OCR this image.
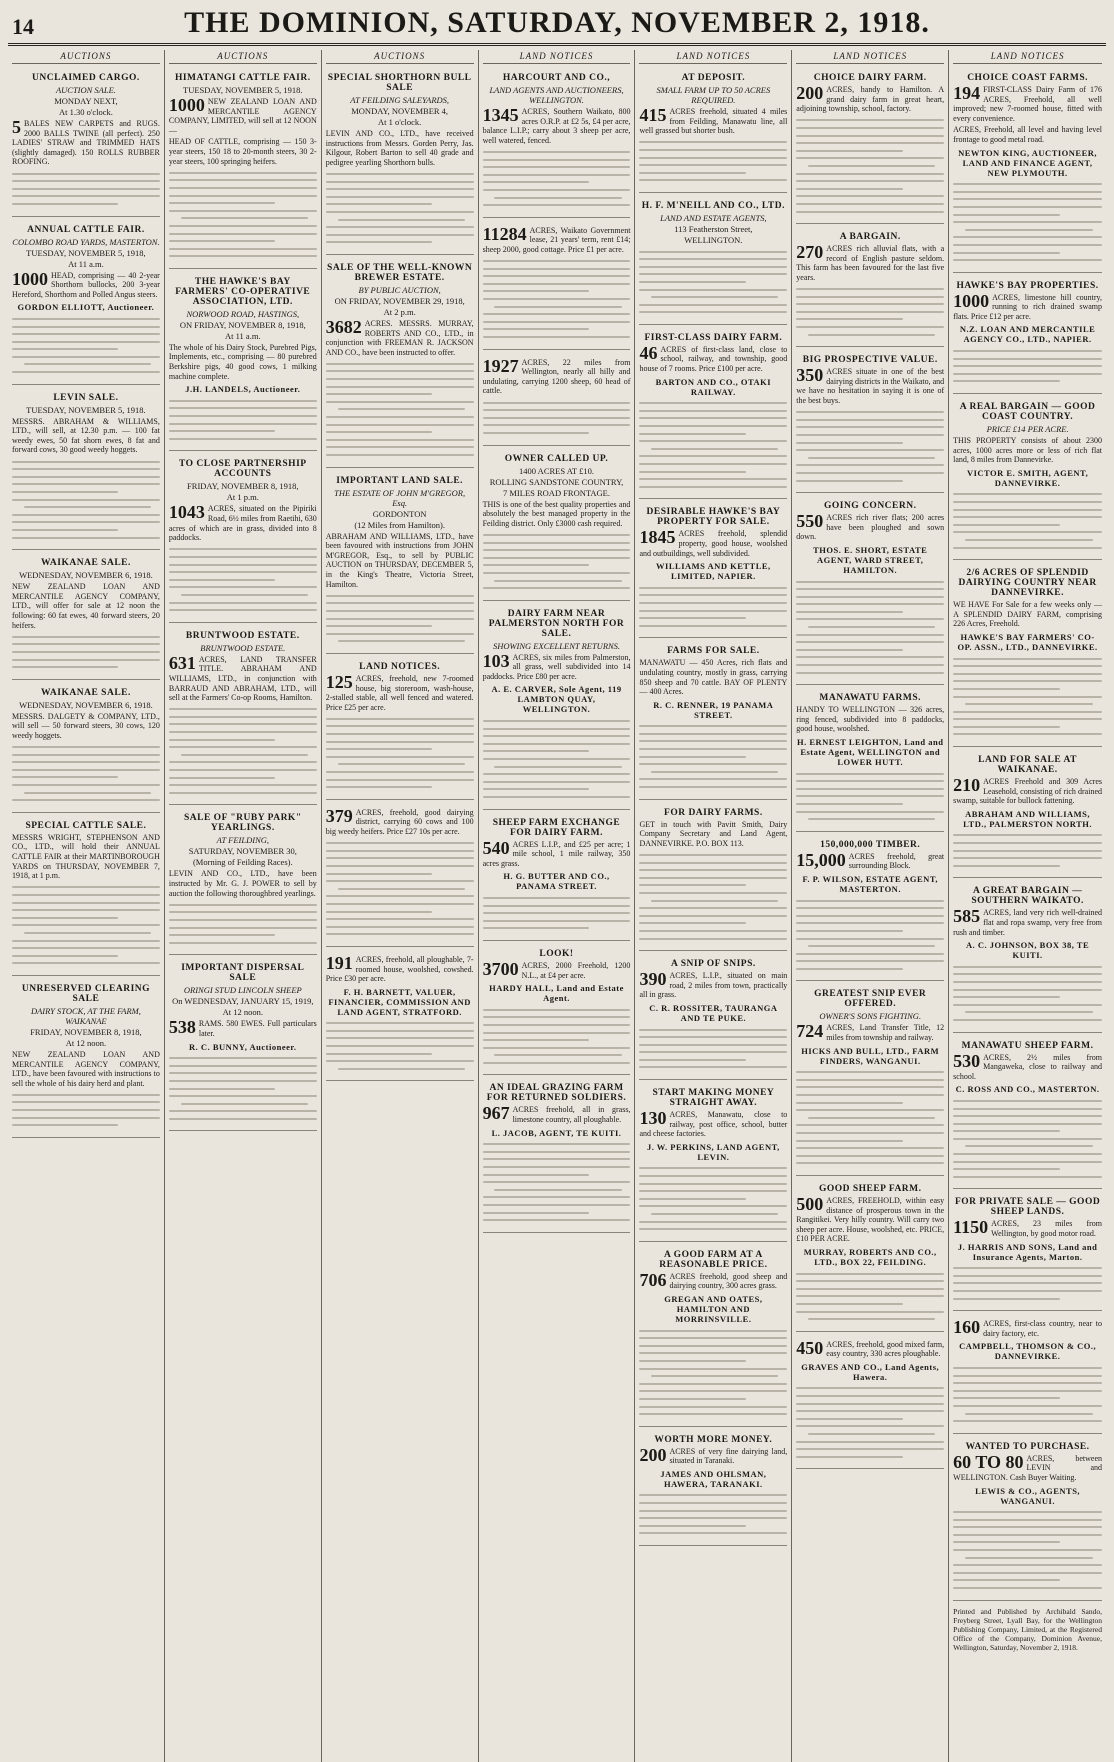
14	THE DOMINION, SATURDAY, NOVEMBER 2, 1918.
AUCTIONS
UNCLAIMED CARGO.
AUCTION SALE.
MONDAY NEXT,
At 1.30 o'clock.
5 BALES NEW CARPETS and RUGS. 2000 BALLS TWINE (all perfect). 250 LADIES' STRAW and TRIMMED HATS (slightly damaged). 150 ROLLS RUBBER ROOFING.
ANNUAL CATTLE FAIR.
COLOMBO ROAD YARDS, MASTERTON.
TUESDAY, NOVEMBER 5, 1918,
At 11 a.m.
1000 HEAD, comprising — 40 2-year Shorthorn bullocks, 200 3-year Hereford, Shorthorn and Polled Angus steers.
GORDON ELLIOTT, Auctioneer.
LEVIN SALE.
TUESDAY, NOVEMBER 5, 1918.
MESSRS. ABRAHAM & WILLIAMS, LTD., will sell, at 12.30 p.m. — 100 fat weedy ewes, 50 fat shorn ewes, 8 fat and forward cows, 30 good weedy hoggets.
WAIKANAE SALE.
WEDNESDAY, NOVEMBER 6, 1918.
NEW ZEALAND LOAN AND MERCANTILE AGENCY COMPANY, LTD., will offer for sale at 12 noon the following: 60 fat ewes, 40 forward steers, 20 heifers.
WAIKANAE SALE.
WEDNESDAY, NOVEMBER 6, 1918.
MESSRS. DALGETY & COMPANY, LTD., will sell — 50 forward steers, 30 cows, 120 weedy hoggets.
SPECIAL CATTLE SALE.
MESSRS WRIGHT, STEPHENSON AND CO., LTD., will hold their ANNUAL CATTLE FAIR at their MARTINBOROUGH YARDS on THURSDAY, NOVEMBER 7, 1918, at 1 p.m.
UNRESERVED CLEARING SALE
DAIRY STOCK, AT THE FARM, WAIKANAE
FRIDAY, NOVEMBER 8, 1918,
At 12 noon.
NEW ZEALAND LOAN AND MERCANTILE AGENCY COMPANY, LTD., have been favoured with instructions to sell the whole of his dairy herd and plant.
AUCTIONS
HIMATANGI CATTLE FAIR.
TUESDAY, NOVEMBER 5, 1918.
1000 NEW ZEALAND LOAN AND MERCANTILE AGENCY COMPANY, LIMITED, will sell at 12 NOON —
HEAD OF CATTLE, comprising — 150 3-year steers, 150 18 to 20-month steers, 30 2-year steers, 100 springing heifers.
THE HAWKE'S BAY FARMERS' CO-OPERATIVE ASSOCIATION, LTD.
NORWOOD ROAD, HASTINGS,
ON FRIDAY, NOVEMBER 8, 1918,
At 11 a.m.
The whole of his Dairy Stock, Purebred Pigs, Implements, etc., comprising — 80 purebred Berkshire pigs, 40 good cows, 1 milking machine complete.
J.H. LANDELS, Auctioneer.
TO CLOSE PARTNERSHIP ACCOUNTS
FRIDAY, NOVEMBER 8, 1918,
At 1 p.m.
1043 ACRES, situated on the Pipiriki Road, 6½ miles from Raetihi, 630 acres of which are in grass, divided into 8 paddocks.
BRUNTWOOD ESTATE.
BRUNTWOOD ESTATE.
631 ACRES, LAND TRANSFER TITLE. ABRAHAM AND WILLIAMS, LTD., in conjunction with BARRAUD AND ABRAHAM, LTD., will sell at the Farmers' Co-op Rooms, Hamilton.
SALE OF "RUBY PARK" YEARLINGS.
AT FEILDING,
SATURDAY, NOVEMBER 30,
(Morning of Feilding Races).
LEVIN AND CO., LTD., have been instructed by Mr. G. J. POWER to sell by auction the following thoroughbred yearlings.
IMPORTANT DISPERSAL SALE
ORINGI STUD LINCOLN SHEEP
On WEDNESDAY, JANUARY 15, 1919,
At 12 noon.
538 RAMS. 580 EWES. Full particulars later.
R. C. BUNNY, Auctioneer.
AUCTIONS
SPECIAL SHORTHORN BULL SALE
AT FEILDING SALEYARDS,
MONDAY, NOVEMBER 4,
At 1 o'clock.
LEVIN AND CO., LTD., have received instructions from Messrs. Gorden Perry, Jas. Kilgour, Robert Barton to sell 40 grade and pedigree yearling Shorthorn bulls.
SALE OF THE WELL-KNOWN BREWER ESTATE.
BY PUBLIC AUCTION,
ON FRIDAY, NOVEMBER 29, 1918,
At 2 p.m.
3682 ACRES. MESSRS. MURRAY, ROBERTS AND CO., LTD., in conjunction with FREEMAN R. JACKSON AND CO., have been instructed to offer.
IMPORTANT LAND SALE.
THE ESTATE OF JOHN M'GREGOR, Esq.
GORDONTON
(12 Miles from Hamilton).
ABRAHAM AND WILLIAMS, LTD., have been favoured with instructions from JOHN M'GREGOR, Esq., to sell by PUBLIC AUCTION on THURSDAY, DECEMBER 5, in the King's Theatre, Victoria Street, Hamilton.
LAND NOTICES.
125 ACRES, freehold, new 7-roomed house, big storeroom, wash-house, 2-stalled stable, all well fenced and watered. Price £25 per acre.
379 ACRES, freehold, good dairying district, carrying 60 cows and 100 big weedy heifers. Price £27 10s per acre.
191 ACRES, freehold, all ploughable, 7-roomed house, woolshed, cowshed. Price £30 per acre.
F. H. BARNETT, VALUER, FINANCIER, COMMISSION AND LAND AGENT, STRATFORD.
LAND NOTICES
HARCOURT AND CO.,
LAND AGENTS AND AUCTIONEERS, WELLINGTON.
1345 ACRES, Southern Waikato, 800 acres O.R.P. at £2 5s, £4 per acre, balance L.I.P.; carry about 3 sheep per acre, well watered, fenced.
11284 ACRES, Waikato Government lease, 21 years' term, rent £14; sheep 2000, good cottage. Price £1 per acre.
1927 ACRES, 22 miles from Wellington, nearly all hilly and undulating, carrying 1200 sheep, 60 head of cattle.
OWNER CALLED UP.
1400 ACRES AT £10.
ROLLING SANDSTONE COUNTRY,
7 MILES ROAD FRONTAGE.
THIS is one of the best quality properties and absolutely the best managed property in the Feilding district. Only £3000 cash required.
DAIRY FARM NEAR PALMERSTON NORTH FOR SALE.
SHOWING EXCELLENT RETURNS.
103 ACRES, six miles from Palmerston, all grass, well subdivided into 14 paddocks. Price £80 per acre.
A. E. CARVER, Sole Agent, 119 LAMBTON QUAY, WELLINGTON.
SHEEP FARM EXCHANGE FOR DAIRY FARM.
540 ACRES L.I.P., and £25 per acre; 1 mile school, 1 mile railway, 350 acres grass.
H. G. BUTTER AND CO., PANAMA STREET.
LOOK!
3700 ACRES, 2000 Freehold, 1200 N.L., at £4 per acre.
HARDY HALL, Land and Estate Agent.
AN IDEAL GRAZING FARM FOR RETURNED SOLDIERS.
967 ACRES freehold, all in grass, limestone country, all ploughable.
L. JACOB, AGENT, TE KUITI.
LAND NOTICES
AT DEPOSIT.
SMALL FARM UP TO 50 ACRES REQUIRED.
415 ACRES freehold, situated 4 miles from Feilding, Manawatu line, all well grassed but shorter bush.
H. F. M'NEILL AND CO., LTD.
LAND AND ESTATE AGENTS,
113 Featherston Street,
WELLINGTON.
FIRST-CLASS DAIRY FARM.
46 ACRES of first-class land, close to school, railway, and township, good house of 7 rooms. Price £100 per acre.
BARTON AND CO., OTAKI RAILWAY.
DESIRABLE HAWKE'S BAY PROPERTY FOR SALE.
1845 ACRES freehold, splendid property, good house, woolshed and outbuildings, well subdivided.
WILLIAMS AND KETTLE, LIMITED, NAPIER.
FARMS FOR SALE.
MANAWATU — 450 Acres, rich flats and undulating country, mostly in grass, carrying 850 sheep and 70 cattle. BAY OF PLENTY — 400 Acres.
R. C. RENNER, 19 PANAMA STREET.
FOR DAIRY FARMS.
GET in touch with Pavitt Smith, Dairy Company Secretary and Land Agent, DANNEVIRKE. P.O. BOX 113.
A SNIP OF SNIPS.
390 ACRES, L.I.P., situated on main road, 2 miles from town, practically all in grass.
C. R. ROSSITER, TAURANGA AND TE PUKE.
START MAKING MONEY STRAIGHT AWAY.
130 ACRES, Manawatu, close to railway, post office, school, butter and cheese factories.
J. W. PERKINS, LAND AGENT, LEVIN.
A GOOD FARM AT A REASONABLE PRICE.
706 ACRES freehold, good sheep and dairying country, 300 acres grass.
GREGAN AND OATES, HAMILTON AND MORRINSVILLE.
WORTH MORE MONEY.
200 ACRES of very fine dairying land, situated in Taranaki.
JAMES AND OHLSMAN, HAWERA, TARANAKI.
LAND NOTICES
CHOICE DAIRY FARM.
200 ACRES, handy to Hamilton. A grand dairy farm in great heart, adjoining township, school, factory.
A BARGAIN.
270 ACRES rich alluvial flats, with a record of English pasture seldom. This farm has been favoured for the last five years.
BIG PROSPECTIVE VALUE.
350 ACRES situate in one of the best dairying districts in the Waikato, and we have no hesitation in saying it is one of the best buys.
GOING CONCERN.
550 ACRES rich river flats; 200 acres have been ploughed and sown down.
THOS. E. SHORT, ESTATE AGENT, WARD STREET, HAMILTON.
MANAWATU FARMS.
HANDY TO WELLINGTON — 326 acres, ring fenced, subdivided into 8 paddocks, good house, woolshed.
H. ERNEST LEIGHTON, Land and Estate Agent, WELLINGTON and LOWER HUTT.
150,000,000 TIMBER.
15,000 ACRES freehold, great surrounding Block.
F. P. WILSON, ESTATE AGENT, MASTERTON.
GREATEST SNIP EVER OFFERED.
OWNER'S SONS FIGHTING.
724 ACRES, Land Transfer Title, 12 miles from township and railway.
HICKS AND BULL, LTD., FARM FINDERS, WANGANUI.
GOOD SHEEP FARM.
500 ACRES, FREEHOLD, within easy distance of prosperous town in the Rangitikei. Very hilly country. Will carry two sheep per acre. House, woolshed, etc. PRICE, £10 PER ACRE.
MURRAY, ROBERTS AND CO., LTD., BOX 22, FEILDING.
450 ACRES, freehold, good mixed farm, easy country, 330 acres ploughable.
GRAVES AND CO., Land Agents, Hawera.
LAND NOTICES
CHOICE COAST FARMS.
194 FIRST-CLASS Dairy Farm of 176 ACRES, Freehold, all well improved; new 7-roomed house, fitted with every convenience.
ACRES, Freehold, all level and having level frontage to good metal road.
NEWTON KING, AUCTIONEER, LAND AND FINANCE AGENT, NEW PLYMOUTH.
HAWKE'S BAY PROPERTIES.
1000 ACRES, limestone hill country, running to rich drained swamp flats. Price £12 per acre.
N.Z. LOAN AND MERCANTILE AGENCY CO., LTD., NAPIER.
A REAL BARGAIN — GOOD COAST COUNTRY.
PRICE £14 PER ACRE.
THIS PROPERTY consists of about 2300 acres, 1000 acres more or less of rich flat land, 8 miles from Dannevirke.
VICTOR E. SMITH, AGENT, DANNEVIRKE.
2/6 ACRES OF SPLENDID DAIRYING COUNTRY NEAR DANNEVIRKE.
WE HAVE For Sale for a few weeks only — A SPLENDID DAIRY FARM, comprising 226 Acres, Freehold.
HAWKE'S BAY FARMERS' CO-OP. ASSN., LTD., DANNEVIRKE.
LAND FOR SALE AT WAIKANAE.
210 ACRES Freehold and 309 Acres Leasehold, consisting of rich drained swamp, suitable for bullock fattening.
ABRAHAM AND WILLIAMS, LTD., PALMERSTON NORTH.
A GREAT BARGAIN — SOUTHERN WAIKATO.
585 ACRES, land very rich well-drained flat and ropa swamp, very free from rush and timber.
A. C. JOHNSON, BOX 38, TE KUITI.
MANAWATU SHEEP FARM.
530 ACRES, 2½ miles from Mangaweka, close to railway and school.
C. ROSS AND CO., MASTERTON.
FOR PRIVATE SALE — GOOD SHEEP LANDS.
1150 ACRES, 23 miles from Wellington, by good motor road.
J. HARRIS AND SONS, Land and Insurance Agents, Marton.
160 ACRES, first-class country, near to dairy factory, etc.
CAMPBELL, THOMSON & CO., DANNEVIRKE.
WANTED TO PURCHASE.
60 TO 80 ACRES, between LEVIN and WELLINGTON. Cash Buyer Waiting.
LEWIS & CO., AGENTS, WANGANUI.
Printed and Published by Archibald Sando, Freyberg Street, Lyall Bay, for the Wellington Publishing Company, Limited, at the Registered Office of the Company, Dominion Avenue, Wellington, Saturday, November 2, 1918.
